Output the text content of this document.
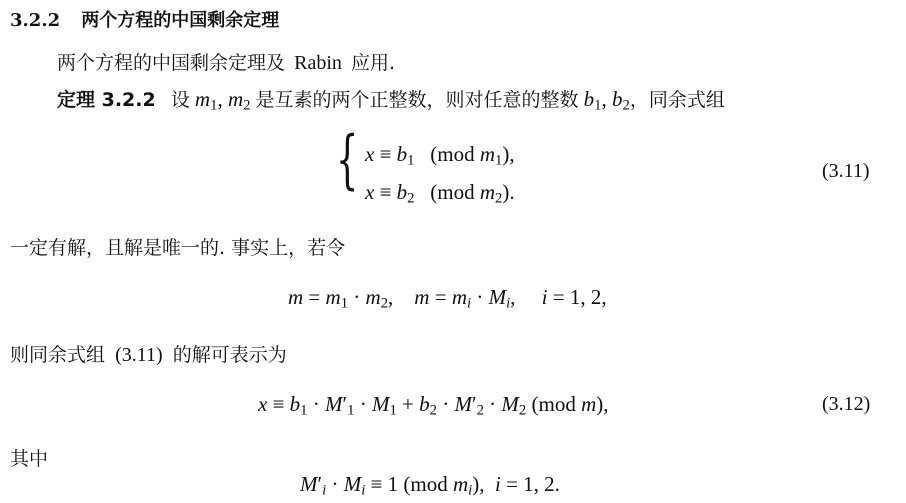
3.2.2 两个方程的中国剩余定理
两个方程的中国剩余定理及 Rabin 应用.
定理 3.2.2 设 $m_1$, $m_2$ 是互素的两个正整数，则对任意的整数 $b_1$, $b_2$，同余式组
{ $x \equiv b_1$   (mod $m_1$),
$x \equiv b_2$   (mod $m_2$).
(3.11)
一定有解，且解是唯一的. 事实上，若令
$m = m_1 \cdot m_2$,    $m = m_i \cdot M_i$,     i = 1, 2,
则同余式组 (3.11) 的解可表示为
$x \equiv b_1 \cdot M'_1 \cdot M_1 + b_2 \cdot M'_2 \cdot M_2$ (mod m),	(3.12)
其中
$M'_i \cdot M_i \equiv 1$ (mod $m_i$),  i = 1, 2.
